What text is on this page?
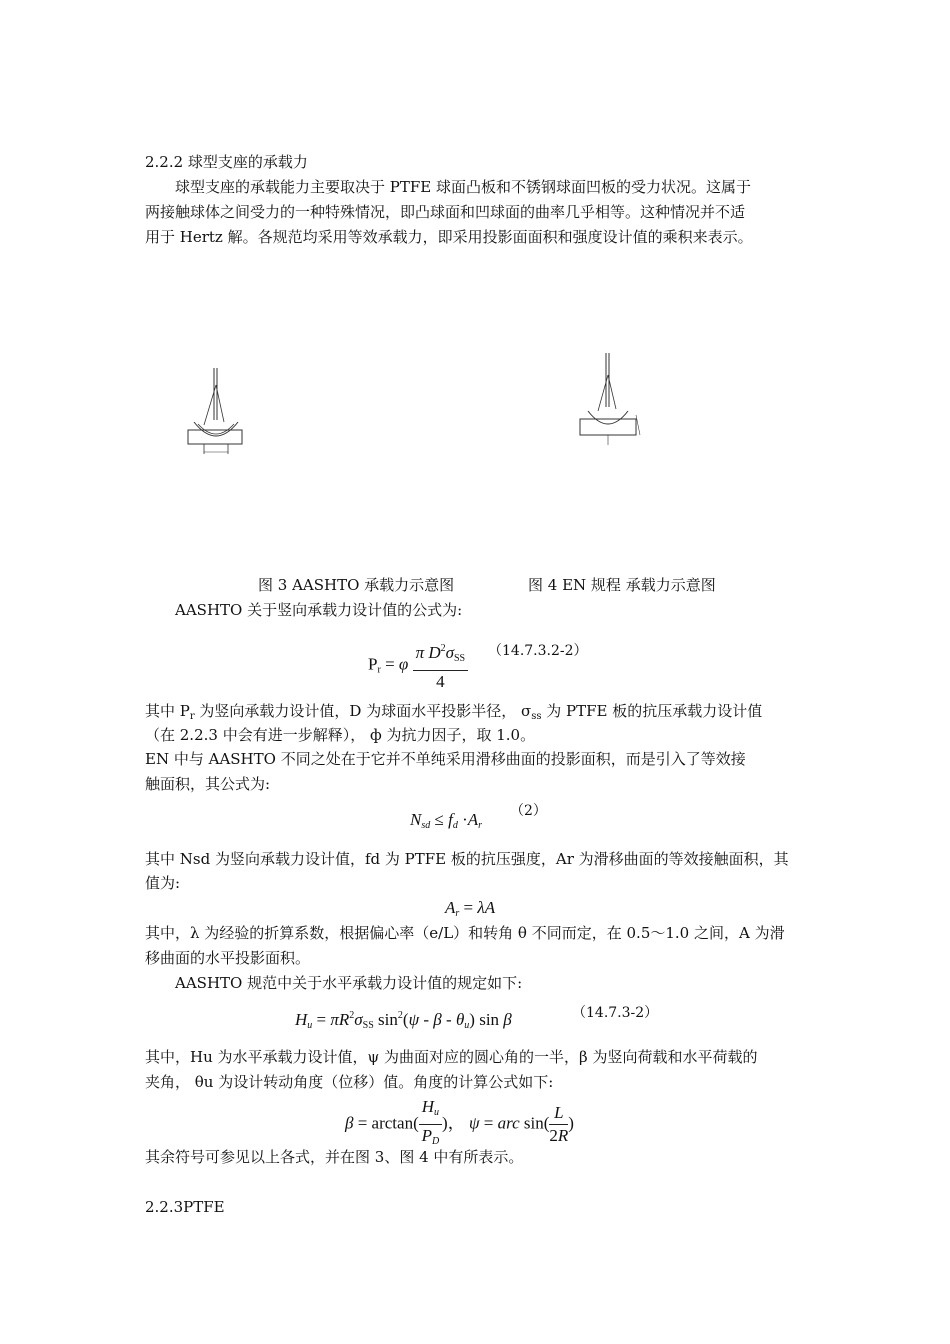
2.2.2 球型支座的承载力
球型支座的承载能力主要取决于 PTFE 球面凸板和不锈钢球面凹板的受力状况。这属于
两接触球体之间受力的一种特殊情况，即凸球面和凹球面的曲率几乎相等。这种情况并不适
用于 Hertz 解。各规范均采用等效承载力，即采用投影面面积和强度设计值的乘积来表示。
图 3 AASHTO 承载力示意图	图 4 EN 规程 承载力示意图
AASHTO 关于竖向承载力设计值的公式为:
$P_r = \varphi \frac{\pi D^2\sigma_{SS}}{4} (14.7.3.2-2)$
其中 $P_r$ 为竖向承载力设计值，D 为球面水平投影半径， $\sigma_{ss}$ 为 PTFE 板的抗压承载力设计值
（在 2.2.3 中会有进一步解释）， ф 为抗力因子，取 1.0。
EN 中与 AASHTO 不同之处在于它并不单纯采用滑移曲面的投影面积，而是引入了等效接
触面积，其公式为:
$N_{sd} \le f_d \cdot A_r$
（2）
其中 Nsd 为竖向承载力设计值，fd 为 PTFE 板的抗压强度，Ar 为滑移曲面的等效接触面积，其
值为:
$A_r = \lambda A$
其中，λ 为经验的折算系数，根据偏心率（e/L）和转角 θ 不同而定，在 0.5～1.0 之间，A 为滑
移曲面的水平投影面积。
AASHTO 规范中关于水平承载力设计值的规定如下:
$H_u = \pi R^2\sigma_{SS}$ $\sin^2(\psi$ - β - $\theta_u$) sin β	（14.7.3-2）
其中，Hu 为水平承载力设计值，ψ 为曲面对应的圆心角的一半，β 为竖向荷载和水平荷载的
夹角， θu 为设计转动角度（位移）值。角度的计算公式如下:
$\beta = \arctan( \frac{H_u}{P_D}$ )， ψ = arc $\sin( \frac{L}{2R}$ )
其余符号可参见以上各式，并在图 3、图 4 中有所表示。
2.2.3PTFE
